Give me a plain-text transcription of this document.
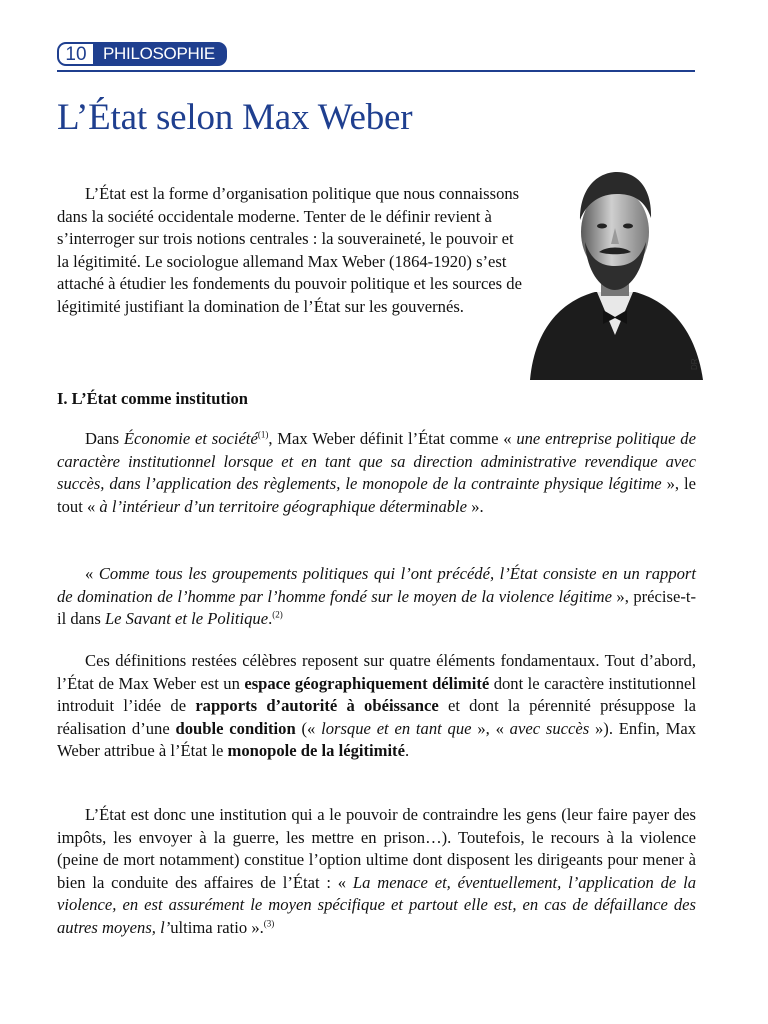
10 PHILOSOPHIE
L’État selon Max Weber
DR

L’État est la forme d’organisation politique que nous connaissons dans la société occidentale moderne. Tenter de le définir revient à s’interroger sur trois notions centrales : la souveraineté, le pouvoir et la légitimité. Le sociologue allemand Max Weber (1864-1920) s’est attaché à étudier les fondements du pouvoir politique et les sources de légitimité justifiant la domination de l’État sur les gouvernés.

I. L’État comme institution

Dans Économie et société$^{(1)}$, Max Weber définit l’État comme « une entreprise politique de caractère institutionnel lorsque et en tant que sa direction administrative revendique avec succès, dans l’application des règlements, le monopole de la contrainte physique légitime », le tout « à l’intérieur d’un territoire géographique déterminable ».

« Comme tous les groupements politiques qui l’ont précédé, l’État consiste en un rapport de domination de l’homme par l’homme fondé sur le moyen de la violence légitime », précise-t-il dans Le Savant et le Politique.$^{(2)}$

Ces définitions restées célèbres reposent sur quatre éléments fondamentaux. Tout d’abord, l’État de Max Weber est un espace géographiquement délimité dont le caractère institutionnel introduit l’idée de rapports d’autorité à obéissance et dont la pérennité présuppose la réalisation d’une double condition (« lorsque et en tant que », « avec succès »). Enfin, Max Weber attribue à l’État le monopole de la légitimité.

L’État est donc une institution qui a le pouvoir de contraindre les gens (leur faire payer des impôts, les envoyer à la guerre, les mettre en prison…). Toutefois, le recours à la violence (peine de mort notamment) constitue l’option ultime dont disposent les dirigeants pour mener à bien la conduite des affaires de l’État : « La menace et, éventuellement, l’application de la violence, en est assurément le moyen spécifique et partout elle est, en cas de défaillance des autres moyens, l’ultima ratio ».$^{(3)}$
